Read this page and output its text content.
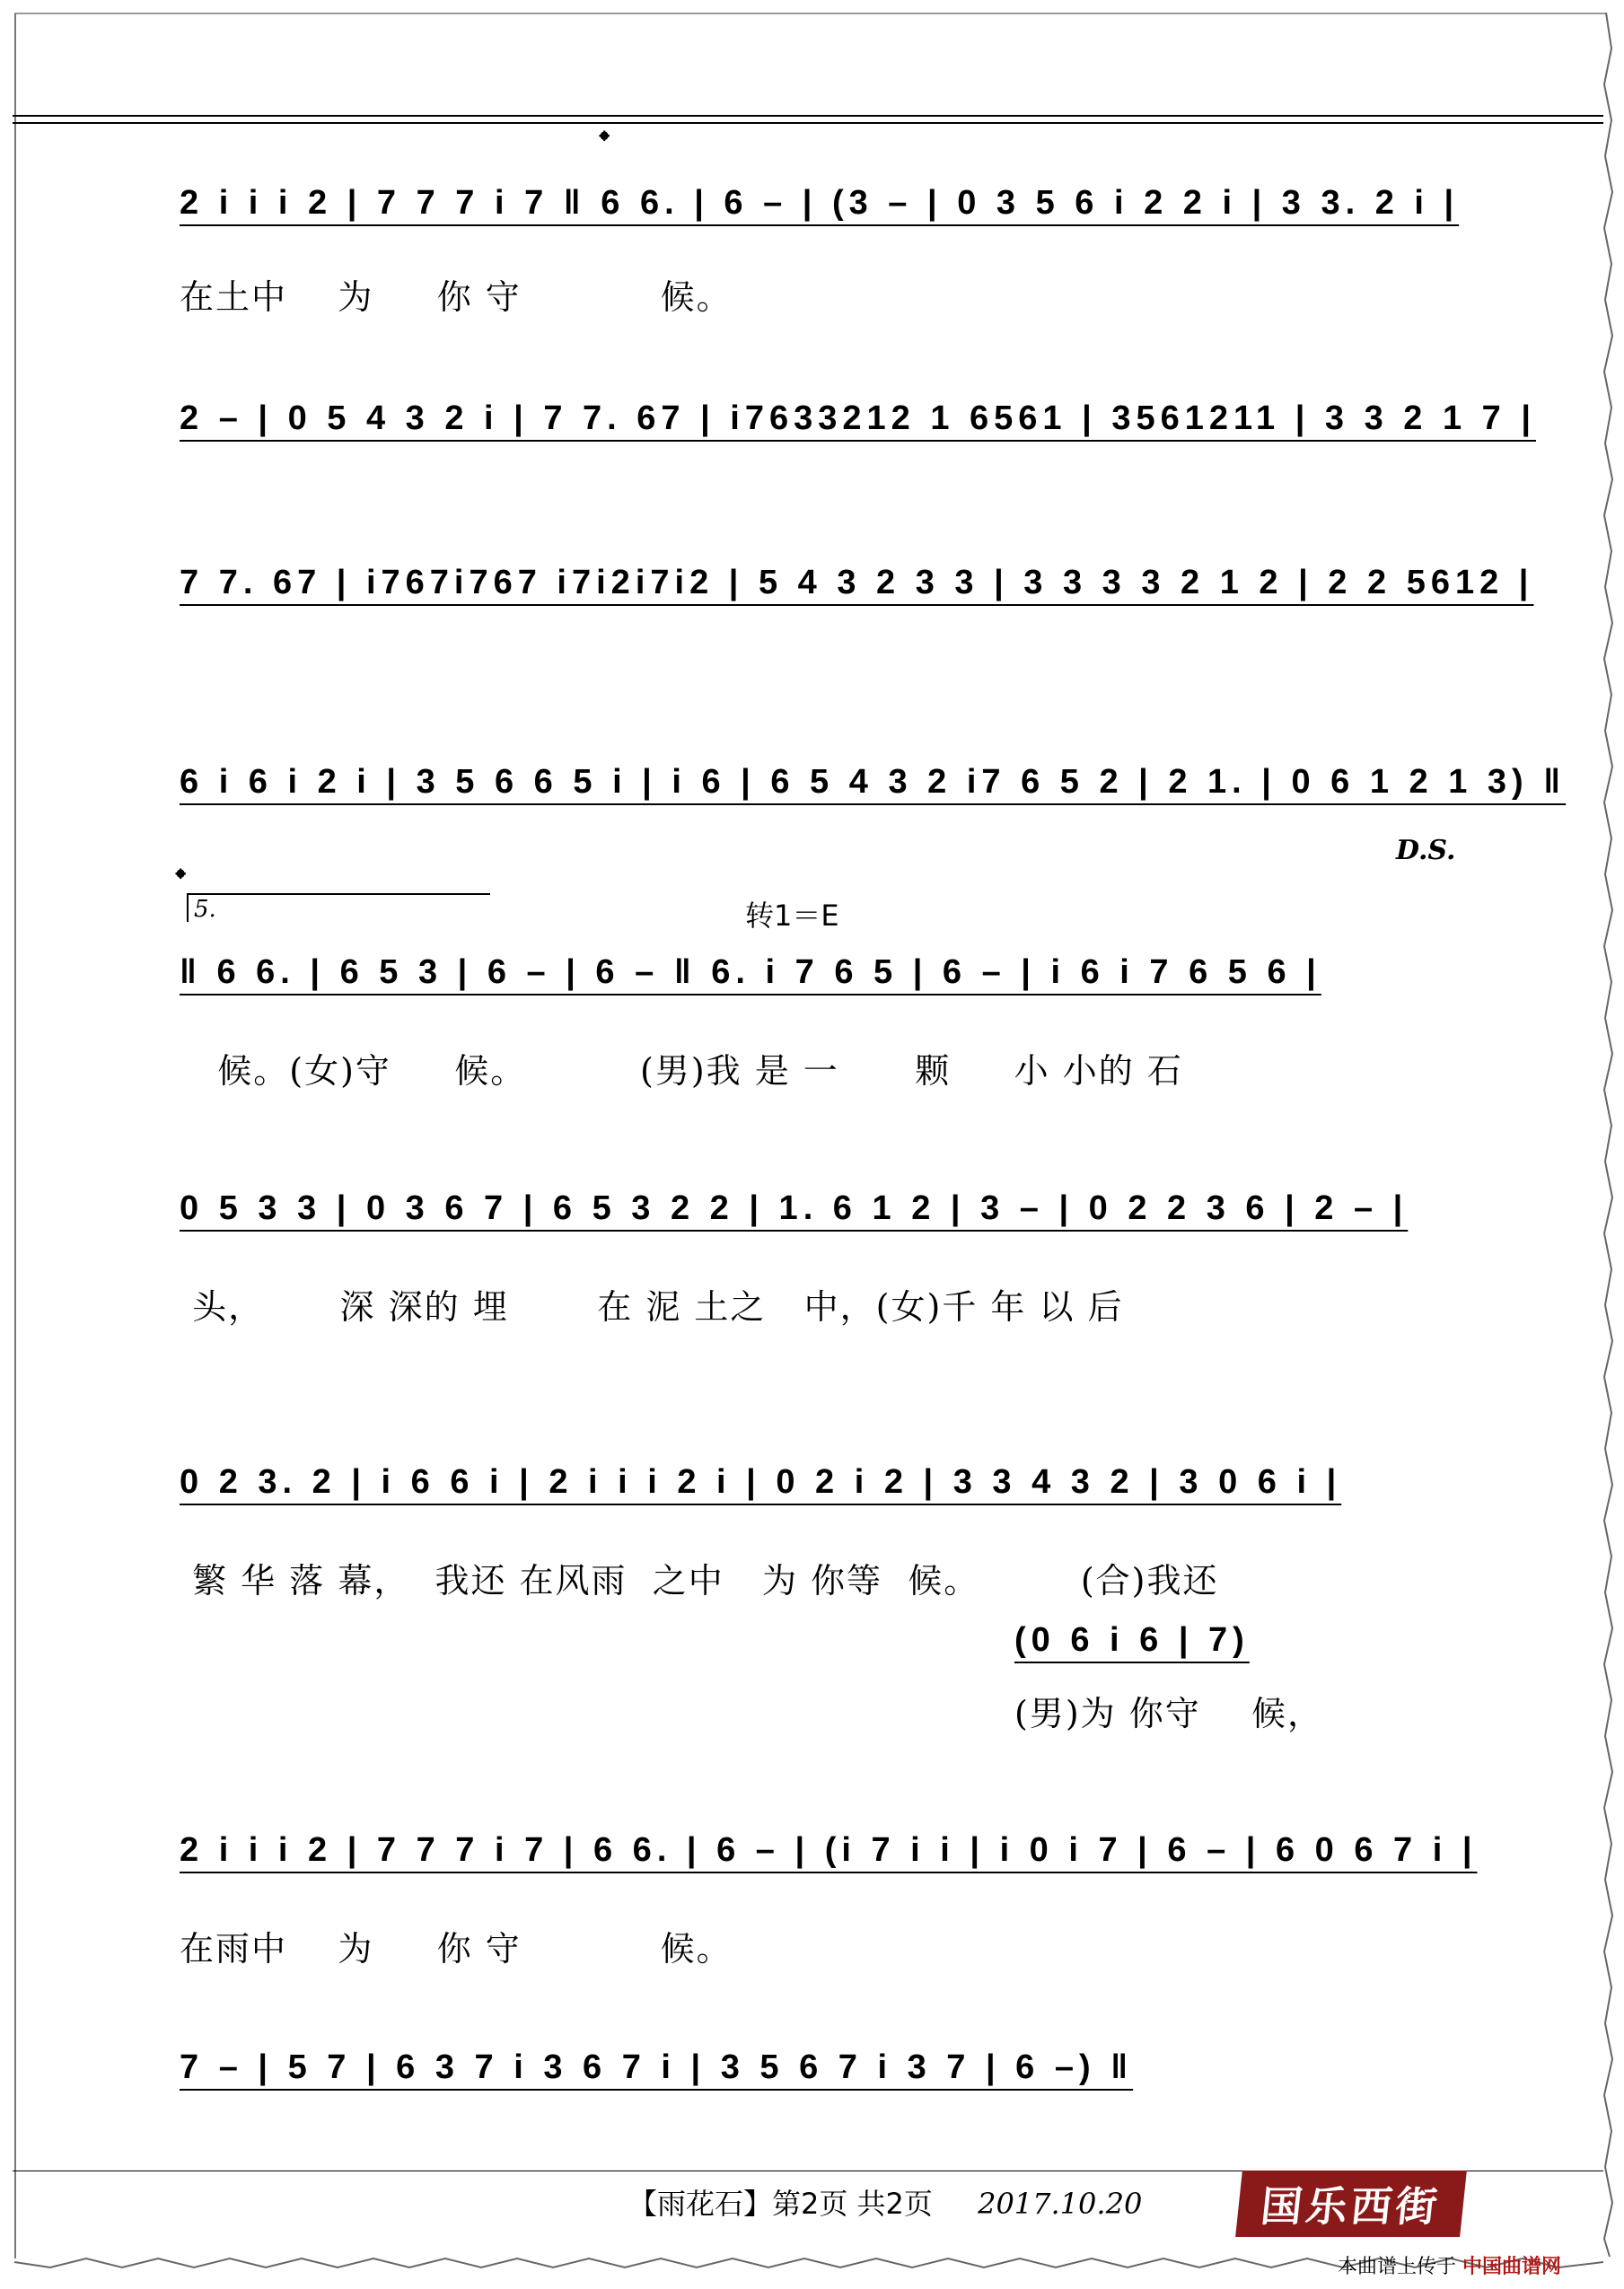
𝄌
2 i i i 2 | 7 7 7 i 7 ‖ 6 6. | 6 – | (3 – | 0 3 5 6 i 2 2 i | 3 3. 2 i |
在土中    为     你 守           候。
2 – | 0 5 4 3 2 i | 7 7. 67 | i7633212 1 6561 | 3561211 | 3 3 2 1 7 |
7 7. 67 | i767i767 i7i2i7i2 | 5 4 3 2 3 3 | 3 3 3 3 2 1 2 | 2 2 5612 |
6 i 6 i 2 i | 3 5 6 6 5 i | i 6 | 6 5 4 3 2 i7 6 5 2 | 2 1. | 0 6 1 2 1 3) ‖
D.S.
𝄌
5.	转1＝E
‖ 6 6. | 6 5 3 | 6 – | 6 – ‖ 6. i 7 6 5 | 6 – | i 6 i 7 6 5 6 |
候。(女)守     候。         (男)我 是 一      颗     小 小的 石
0 5 3 3 | 0 3 6 7 | 6 5 3 2 2 | 1. 6 1 2 | 3 – | 0 2 2 3 6 | 2 – |
头，      深 深的 埋       在 泥 土之   中，(女)千 年 以 后
0 2 3. 2 | i 6 6 i | 2 i i i 2 i | 0 2 i 2 | 3 3 4 3 2 | 3 0 6 i |
繁 华 落 幕，  我还 在风雨  之中   为 你等  候。        (合)我还
(0 6 i 6 | 7)
(男)为 你守    候，
2 i i i 2 | 7 7 7 i 7 | 6 6. | 6 – | (i 7 i i | i 0 i 7 | 6 – | 6 0 6 7 i |
在雨中    为     你 守           候。
7 – | 5 7 | 6 3 7 i 3 6 7 i | 3 5 6 7 i 3 7 | 6 –) ‖
【雨花石】第2页 共2页 2017.10.20	国乐西街
本曲谱上传于 中国曲谱网
